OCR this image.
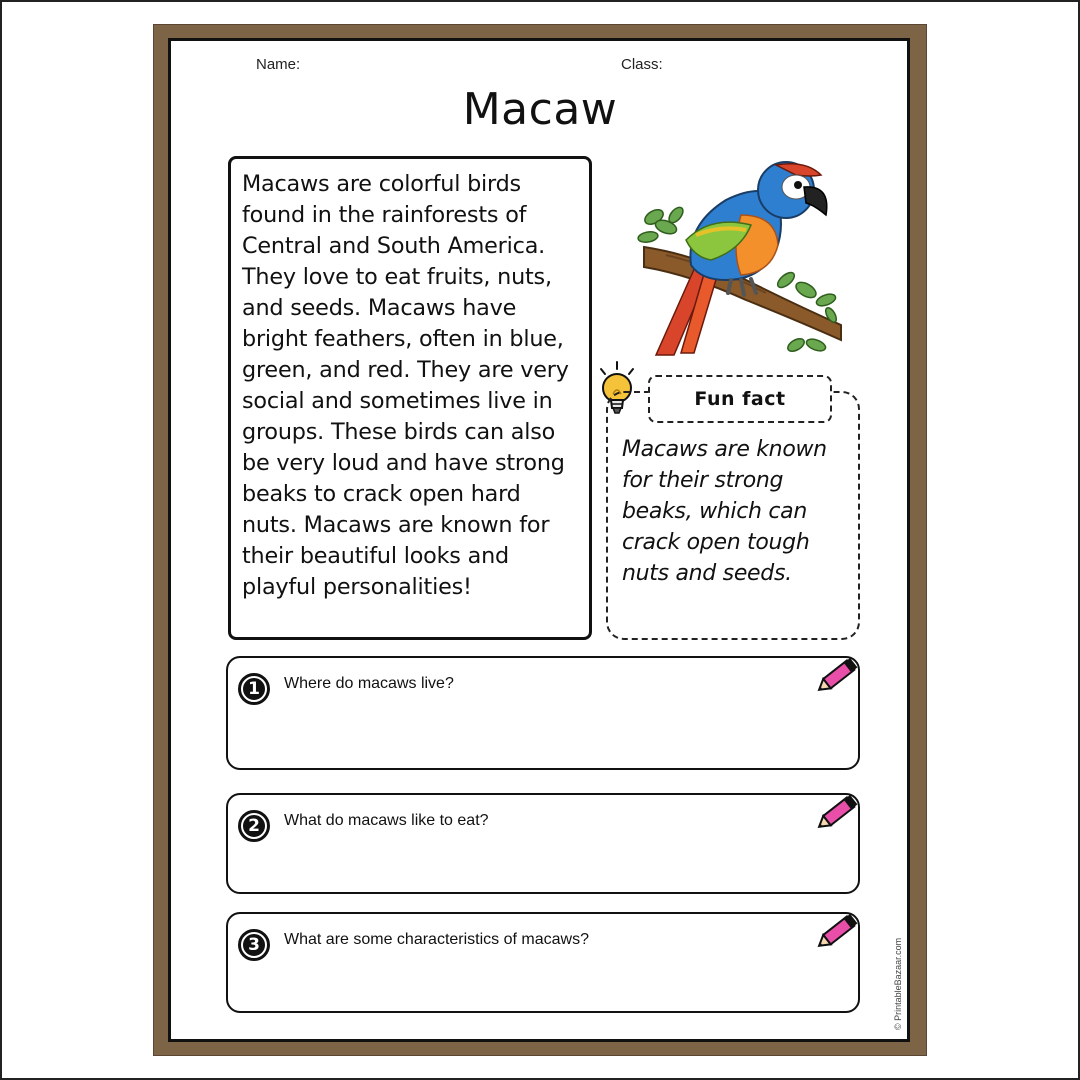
Name:	Class:
Macaw

Macaws are colorful birds found in the rainforests of Central and South America. They love to eat fruits, nuts, and seeds. Macaws have bright feathers, often in blue, green, and red. They are very social and sometimes live in groups. These birds can also be very loud and have strong beaks to crack open hard nuts. Macaws are known for their beautiful looks and playful personalities!

Fun fact

Macaws are known for their strong beaks, which can crack open tough nuts and seeds.

1	Where do macaws live?
2	What do macaws like to eat?
3	What are some characteristics of macaws?	© PrintableBazaar.com
